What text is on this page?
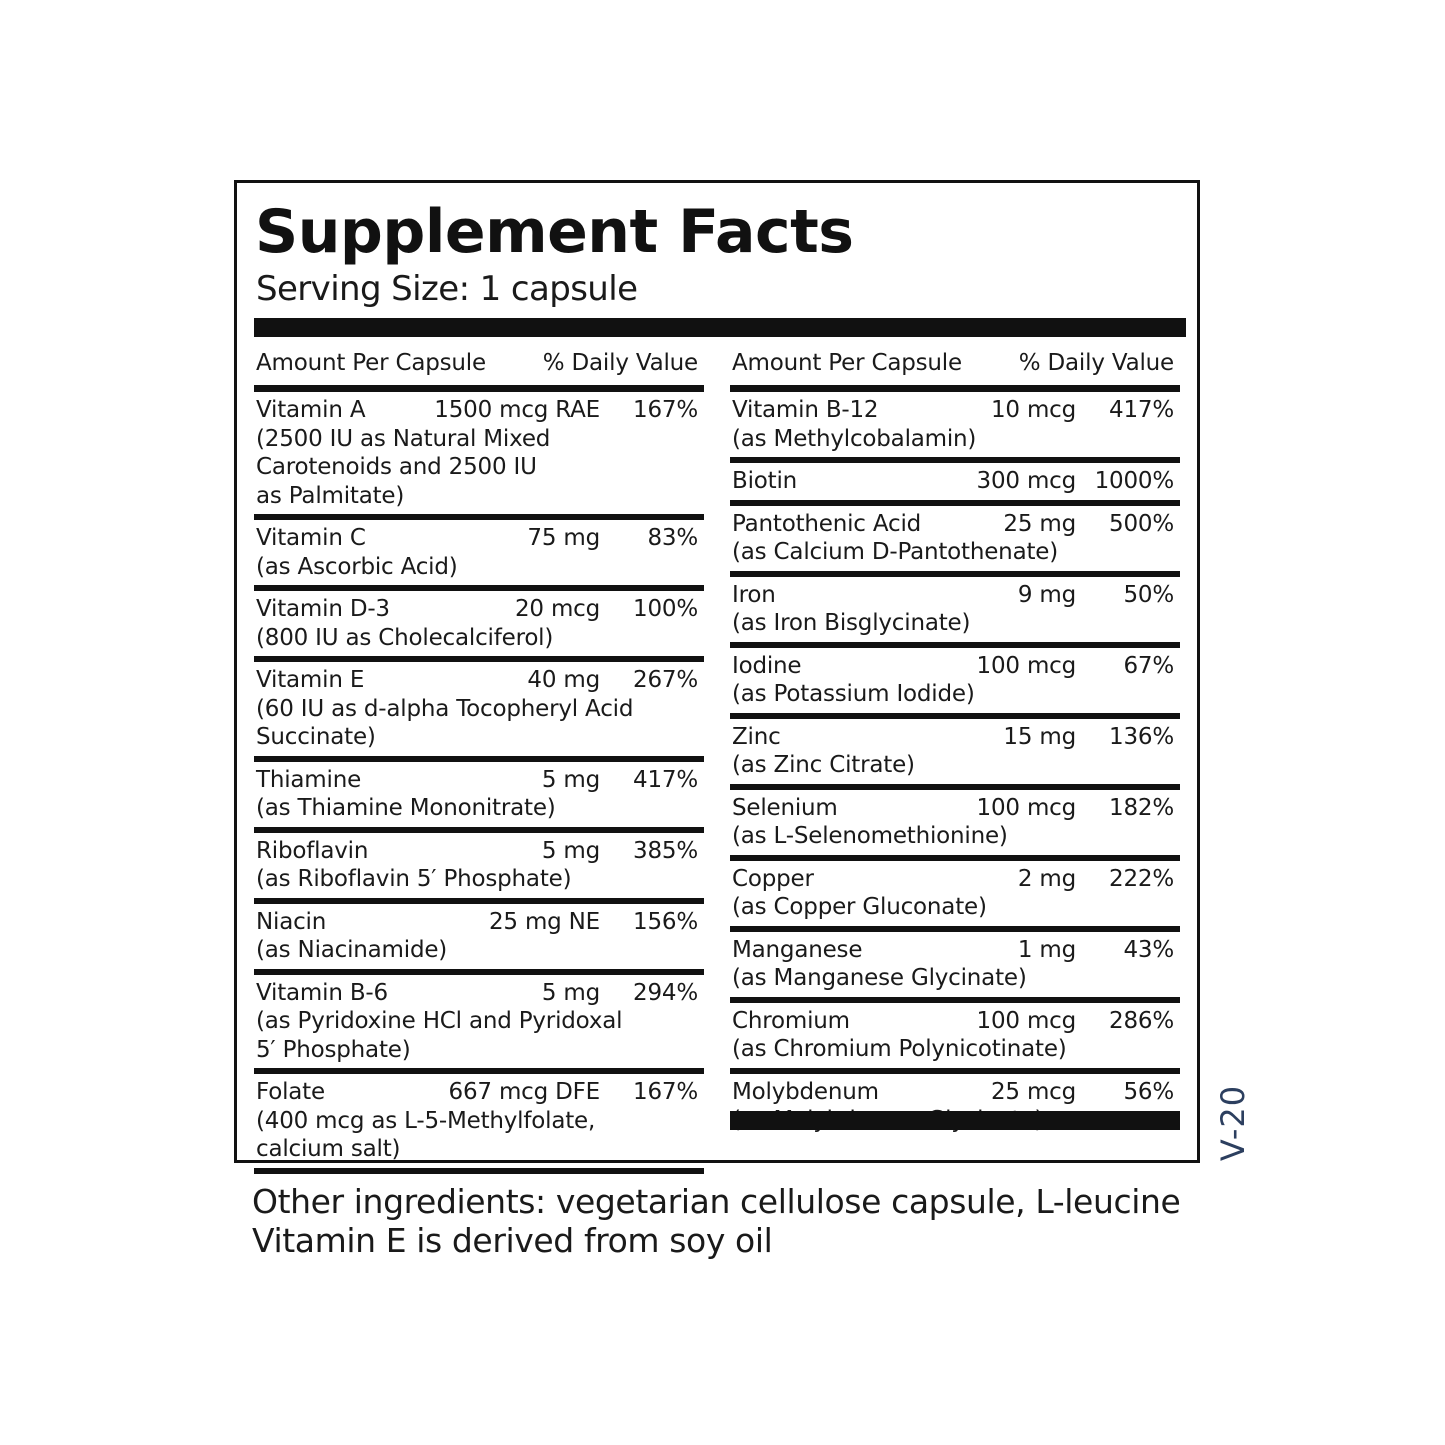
Supplement Facts
Serving Size: 1 capsule
Amount Per Capsule % Daily Value
Vitamin A	1500 mcg RAE	167%
(2500 IU as Natural Mixed
Carotenoids and 2500 IU
as Palmitate)
Vitamin C	75 mg	83%
(as Ascorbic Acid)
Vitamin D-3	20 mcg	100%
(800 IU as Cholecalciferol)
Vitamin E	40 mg	267%
(60 IU as d-alpha Tocopheryl Acid
Succinate)
Thiamine	5 mg	417%
(as Thiamine Mononitrate)
Riboflavin	5 mg	385%
(as Riboflavin 5′ Phosphate)
Niacin	25 mg NE	156%
(as Niacinamide)
Vitamin B-6	5 mg	294%
(as Pyridoxine HCl and Pyridoxal
5′ Phosphate)
Folate	667 mcg DFE	167%
(400 mcg as L-5-Methylfolate,
calcium salt)
Amount Per Capsule % Daily Value
Vitamin B-12	10 mcg	417%
(as Methylcobalamin)
Biotin	300 mcg 1000%
Pantothenic Acid	25 mg	500%
(as Calcium D-Pantothenate)
Iron	9 mg	50%
(as Iron Bisglycinate)
Iodine	100 mcg	67%
(as Potassium Iodide)
Zinc	15 mg	136%
(as Zinc Citrate)
Selenium	100 mcg	182%
(as L-Selenomethionine)
Copper	2 mg	222%
(as Copper Gluconate)
Manganese	1 mg	43%
(as Manganese Glycinate)
Chromium	100 mcg	286%
(as Chromium Polynicotinate)
Molybdenum	25 mcg	56% V-20
Other ingredients: vegetarian cellulose capsule, L-leucine
Vitamin E is derived from soy oil
